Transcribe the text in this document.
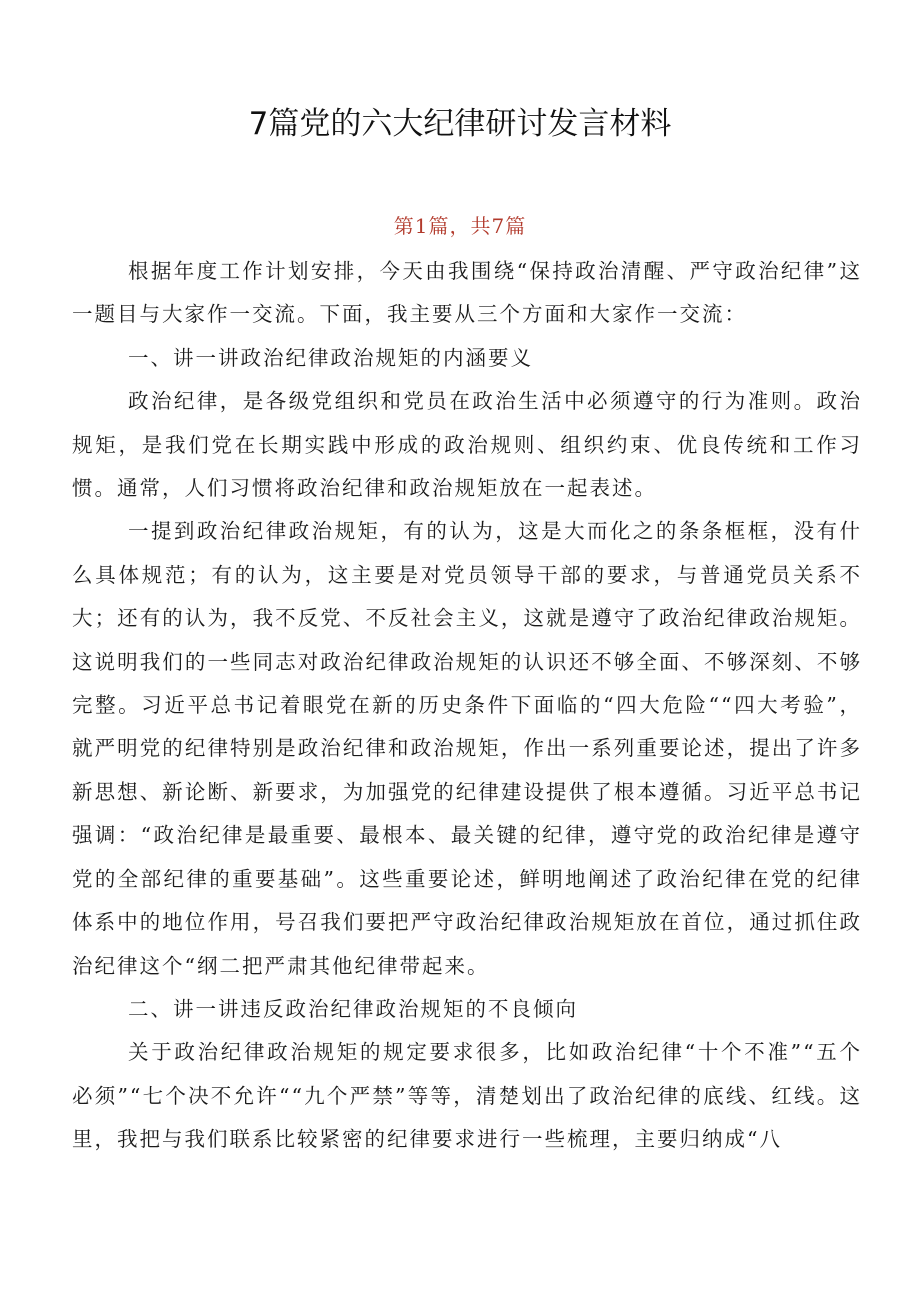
7篇党的六大纪律研讨发言材料
第1篇，共7篇

根据年度工作计划安排，今天由我围绕“保持政治清醒、严守政治纪律”这一题目与大家作一交流。下面，我主要从三个方面和大家作一交流：

一、讲一讲政治纪律政治规矩的内涵要义

政治纪律，是各级党组织和党员在政治生活中必须遵守的行为准则。政治规矩，是我们党在长期实践中形成的政治规则、组织约束、优良传统和工作习惯。通常，人们习惯将政治纪律和政治规矩放在一起表述。

一提到政治纪律政治规矩，有的认为，这是大而化之的条条框框，没有什么具体规范；有的认为，这主要是对党员领导干部的要求，与普通党员关系不大；还有的认为，我不反党、不反社会主义，这就是遵守了政治纪律政治规矩。这说明我们的一些同志对政治纪律政治规矩的认识还不够全面、不够深刻、不够完整。习近平总书记着眼党在新的历史条件下面临的“四大危险““四大考验”，就严明党的纪律特别是政治纪律和政治规矩，作出一系列重要论述，提出了许多新思想、新论断、新要求，为加强党的纪律建设提供了根本遵循。习近平总书记强调：“政治纪律是最重要、最根本、最关键的纪律，遵守党的政治纪律是遵守党的全部纪律的重要基础”。这些重要论述，鲜明地阐述了政治纪律在党的纪律体系中的地位作用，号召我们要把严守政治纪律政治规矩放在首位，通过抓住政治纪律这个“纲二把严肃其他纪律带起来。

二、讲一讲违反政治纪律政治规矩的不良倾向

关于政治纪律政治规矩的规定要求很多，比如政治纪律“十个不准”“五个必须”“七个决不允许““九个严禁”等等，清楚划出了政治纪律的底线、红线。这里，我把与我们联系比较紧密的纪律要求进行一些梳理，主要归纳成“八
